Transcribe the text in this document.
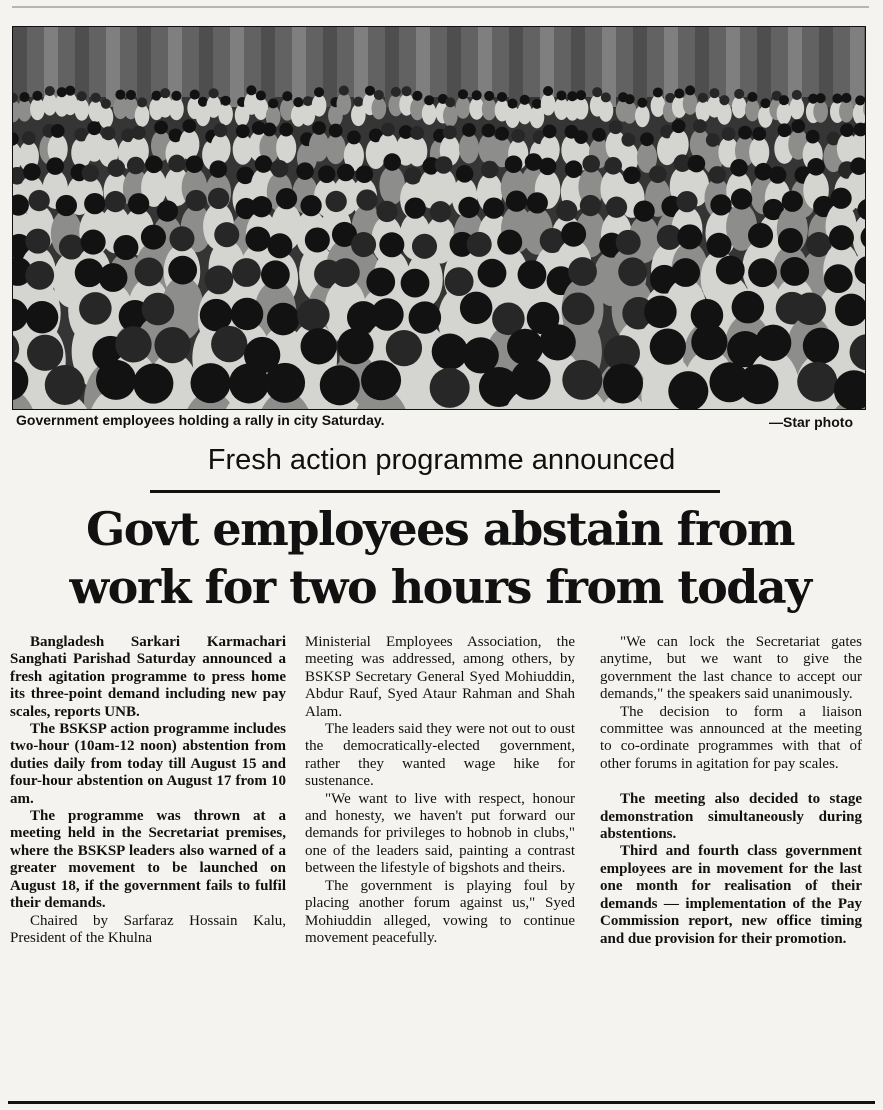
Government employees holding a rally in city Saturday.	—Star photo
Fresh action programme announced
Govt employees abstain from
work for two hours from today

Bangladesh Sarkari Karmachari Sanghati Parishad Saturday announced a fresh agitation programme to press home its three-point demand including new pay scales, reports UNB.

The BSKSP action programme includes two-hour (10am-12 noon) abstention from duties daily from today till August 15 and four-hour abstention on August 17 from 10 am.

The programme was thrown at a meeting held in the Secretariat premises, where the BSKSP leaders also warned of a greater movement to be launched on August 18, if the government fails to fulfil their demands.

Chaired by Sarfaraz Hossain Kalu, President of the Khulna

Ministerial Employees Association, the meeting was addressed, among others, by BSKSP Secretary General Syed Mohiuddin, Abdur Rauf, Syed Ataur Rahman and Shah Alam.

The leaders said they were not out to oust the democratically-elected government, rather they wanted wage hike for sustenance.

"We want to live with respect, honour and honesty, we haven't put forward our demands for privileges to hobnob in clubs," one of the leaders said, painting a contrast between the lifestyle of bigshots and theirs.

The government is playing foul by placing another forum against us," Syed Mohiuddin alleged, vowing to continue movement peacefully.

"We can lock the Secretariat gates anytime, but we want to give the government the last chance to accept our demands," the speakers said unanimously.

The decision to form a liaison committee was announced at the meeting to co-ordinate programmes with that of other forums in agitation for pay scales.

The meeting also decided to stage demonstration simultaneously during abstentions.

Third and fourth class government employees are in movement for the last one month for realisation of their demands — implementation of the Pay Commission report, new office timing and due provision for their promotion.
